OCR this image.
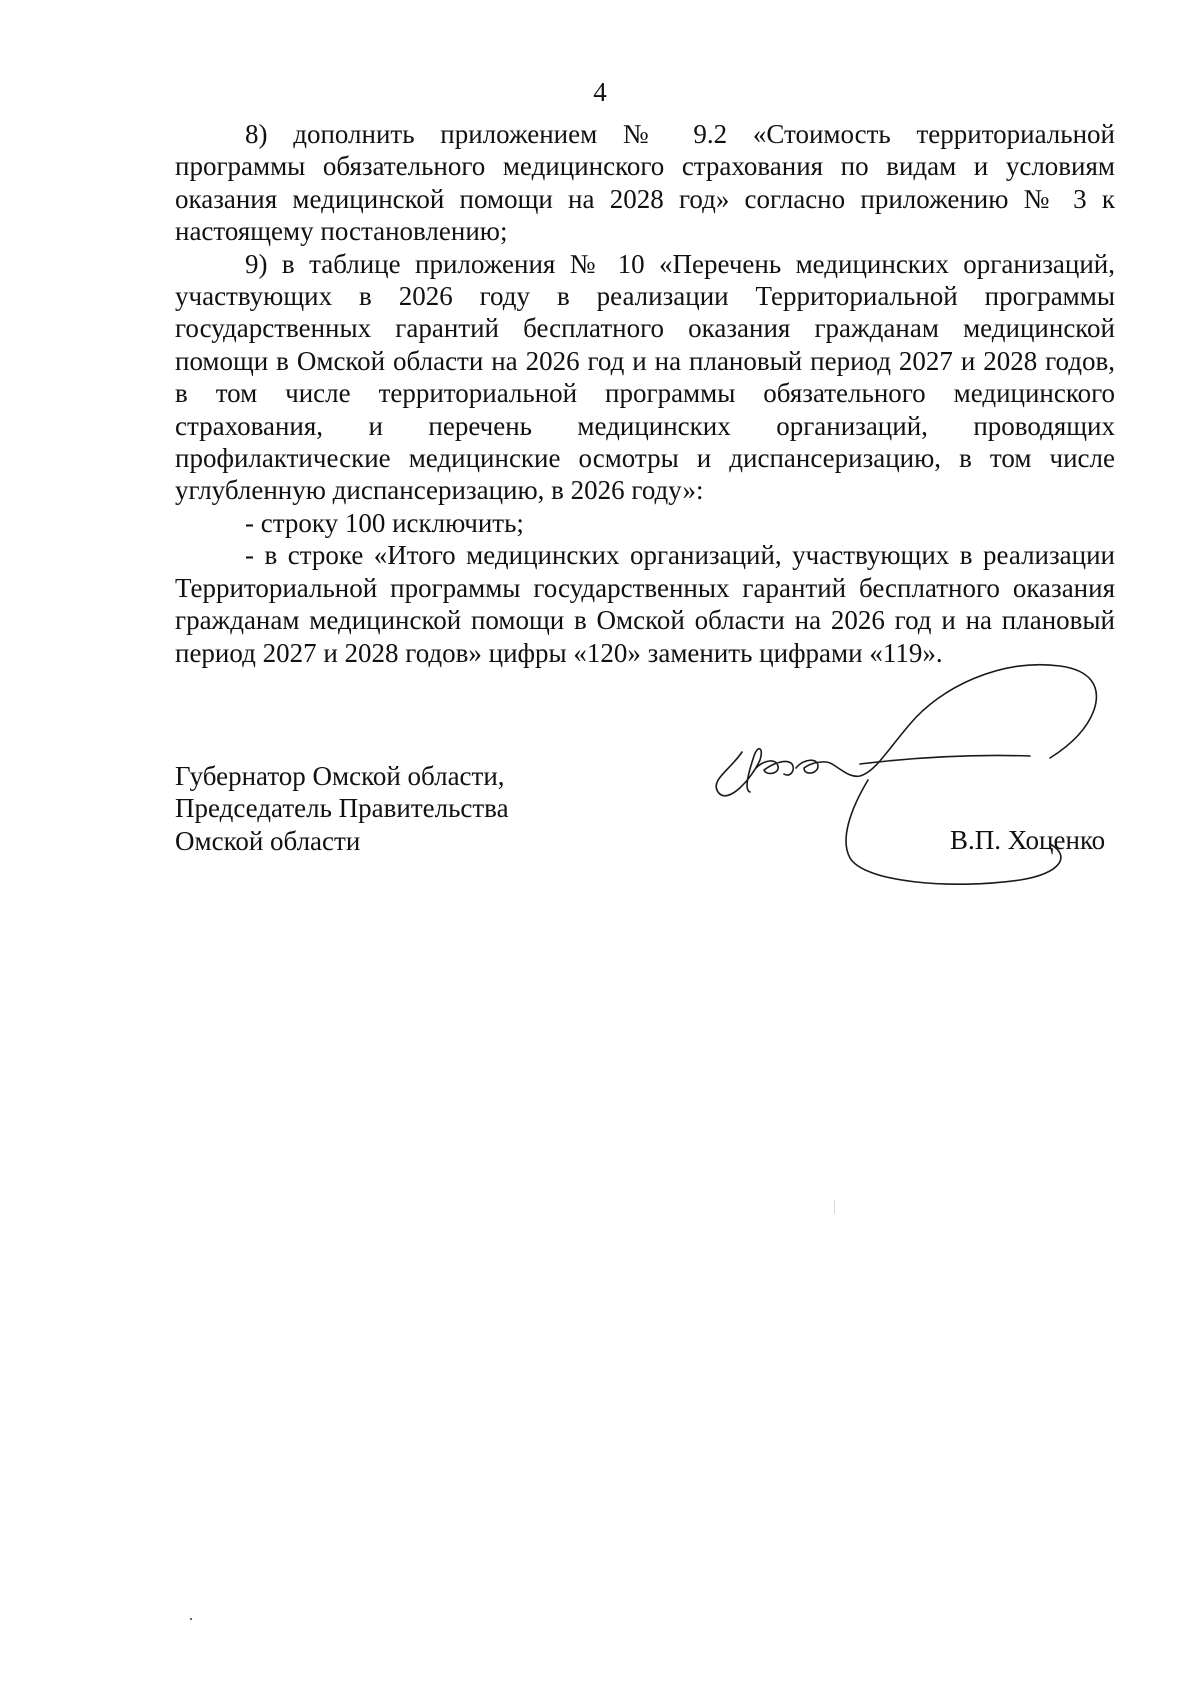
4

8) дополнить приложением № 9.2 «Стоимость территориальной программы обязательного медицинского страхования по видам и условиям оказания медицинской помощи на 2028 год» согласно приложению № 3 к настоящему постановлению;

9) в таблице приложения № 10 «Перечень медицинских организаций, участвующих в 2026 году в реализации Территориальной программы государственных гарантий бесплатного оказания гражданам медицинской помощи в Омской области на 2026 год и на плановый период 2027 и 2028 годов, в том числе территориальной программы обязательного медицинского страхования, и перечень медицинских организаций, проводящих профилактические медицинские осмотры и диспансеризацию, в том числе углубленную диспансеризацию, в 2026 году»:

- строку 100 исключить;

- в строке «Итого медицинских организаций, участвующих в реализации Территориальной программы государственных гарантий бесплатного оказания гражданам медицинской помощи в Омской области на 2026 год и на плановый период 2027 и 2028 годов» цифры «120» заменить цифрами «119».

Губернатор Омской области,
Председатель Правительства
Омской области	В.П. Хоценко
